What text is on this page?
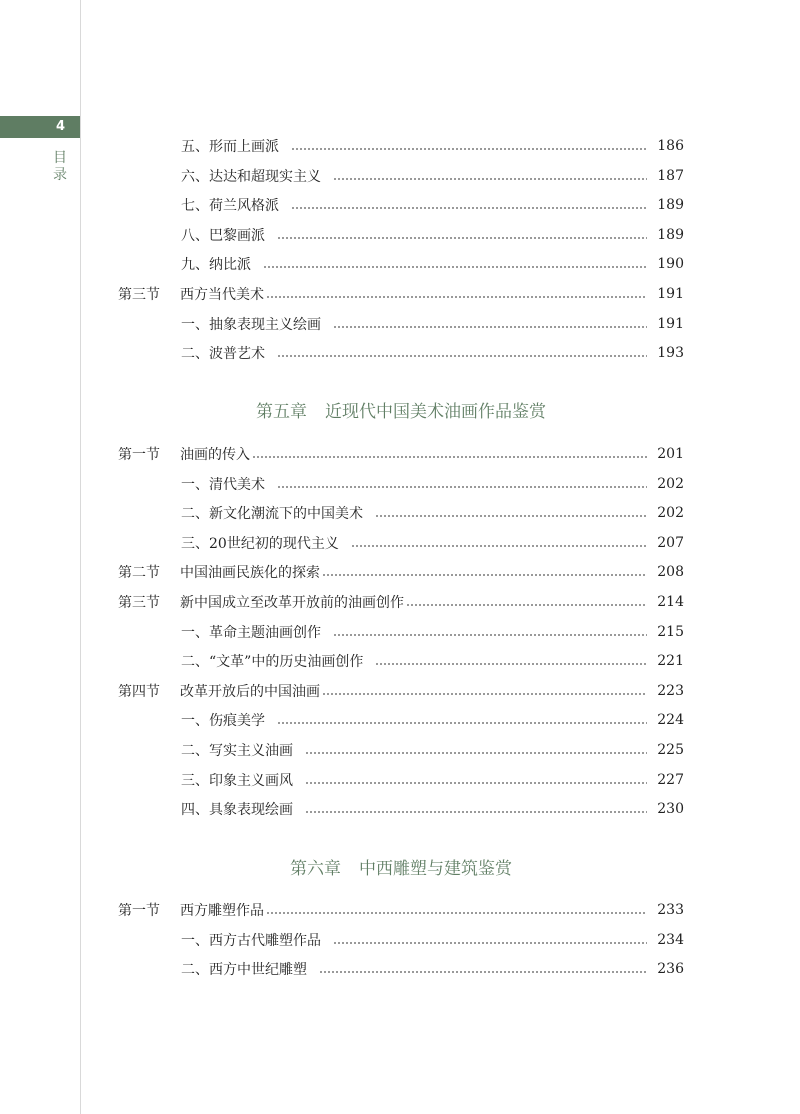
4
目
录
第五章 近现代中国美术油画作品鉴赏
第六章 中西雕塑与建筑鉴赏
五、形而上画派	186
六、达达和超现实主义	187
七、荷兰风格派	189
八、巴黎画派	189
九、纳比派	190
第三节 西方当代美术	191
一、抽象表现主义绘画	191
二、波普艺术	193
第一节 油画的传入	201
一、清代美术	202
二、新文化潮流下的中国美术	202
三、20世纪初的现代主义	207
第二节 中国油画民族化的探索	208
第三节 新中国成立至改革开放前的油画创作	214
一、革命主题油画创作	215
二、“文革”中的历史油画创作	221
第四节 改革开放后的中国油画	223
一、伤痕美学	224
二、写实主义油画	225
三、印象主义画风	227
四、具象表现绘画	230
第一节 西方雕塑作品	233
一、西方古代雕塑作品	234
二、西方中世纪雕塑	236
